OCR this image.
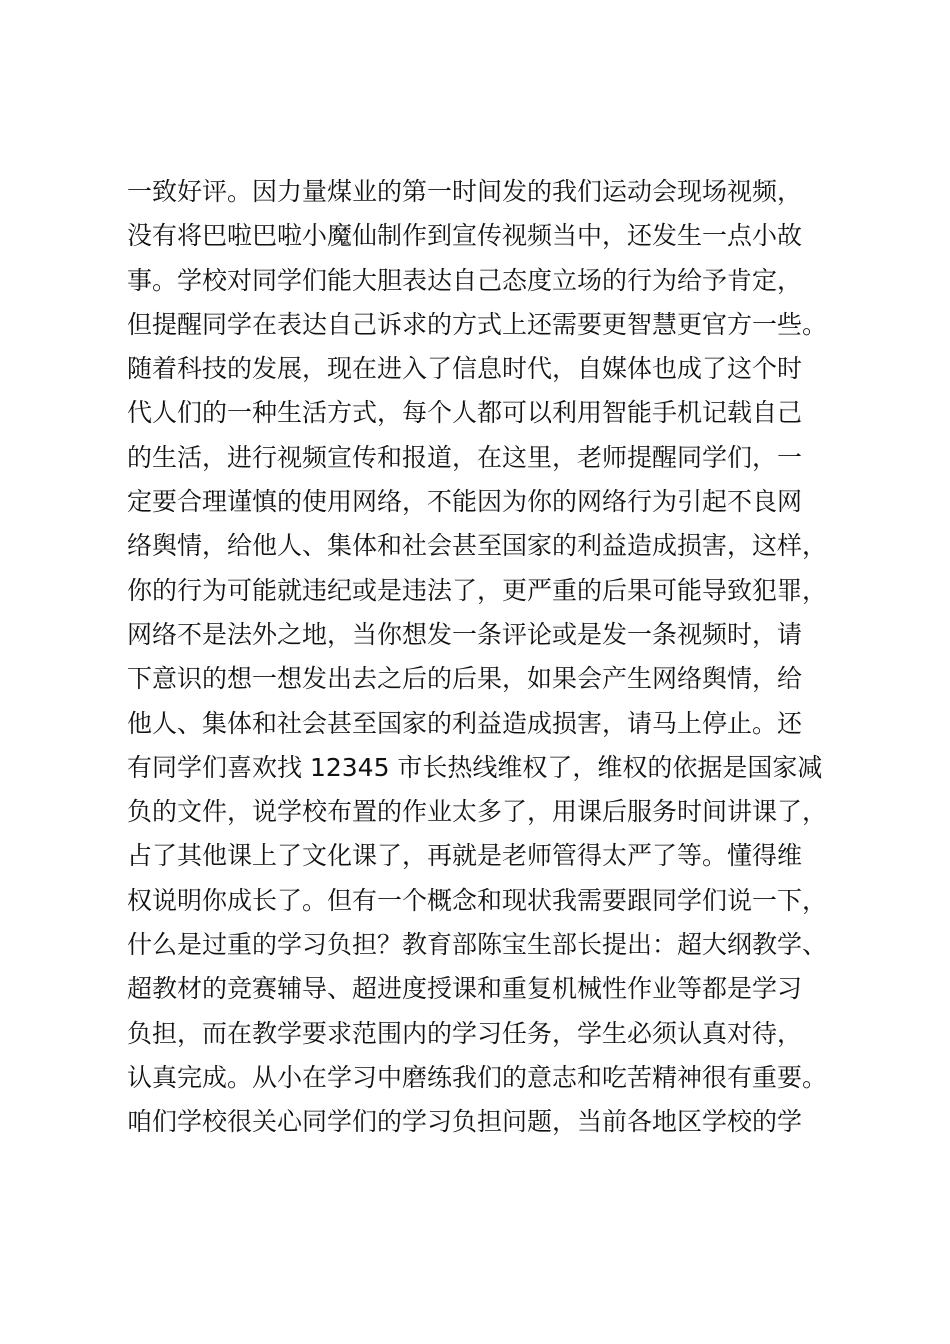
一致好评。因力量煤业的第一时间发的我们运动会现场视频，
没有将巴啦巴啦小魔仙制作到宣传视频当中，还发生一点小故
事。学校对同学们能大胆表达自己态度立场的行为给予肯定，
但提醒同学在表达自己诉求的方式上还需要更智慧更官方一些。
随着科技的发展，现在进入了信息时代，自媒体也成了这个时
代人们的一种生活方式，每个人都可以利用智能手机记载自己
的生活，进行视频宣传和报道，在这里，老师提醒同学们，一
定要合理谨慎的使用网络，不能因为你的网络行为引起不良网
络舆情，给他人、集体和社会甚至国家的利益造成损害，这样，
你的行为可能就违纪或是违法了，更严重的后果可能导致犯罪，
网络不是法外之地，当你想发一条评论或是发一条视频时，请
下意识的想一想发出去之后的后果，如果会产生网络舆情，给
他人、集体和社会甚至国家的利益造成损害，请马上停止。还
有同学们喜欢找 12345 市长热线维权了，维权的依据是国家减
负的文件，说学校布置的作业太多了，用课后服务时间讲课了，
占了其他课上了文化课了，再就是老师管得太严了等。懂得维
权说明你成长了。但有一个概念和现状我需要跟同学们说一下，
什么是过重的学习负担？教育部陈宝生部长提出：超大纲教学、
超教材的竞赛辅导、超进度授课和重复机械性作业等都是学习
负担，而在教学要求范围内的学习任务，学生必须认真对待，
认真完成。从小在学习中磨练我们的意志和吃苦精神很有重要。
咱们学校很关心同学们的学习负担问题，当前各地区学校的学
